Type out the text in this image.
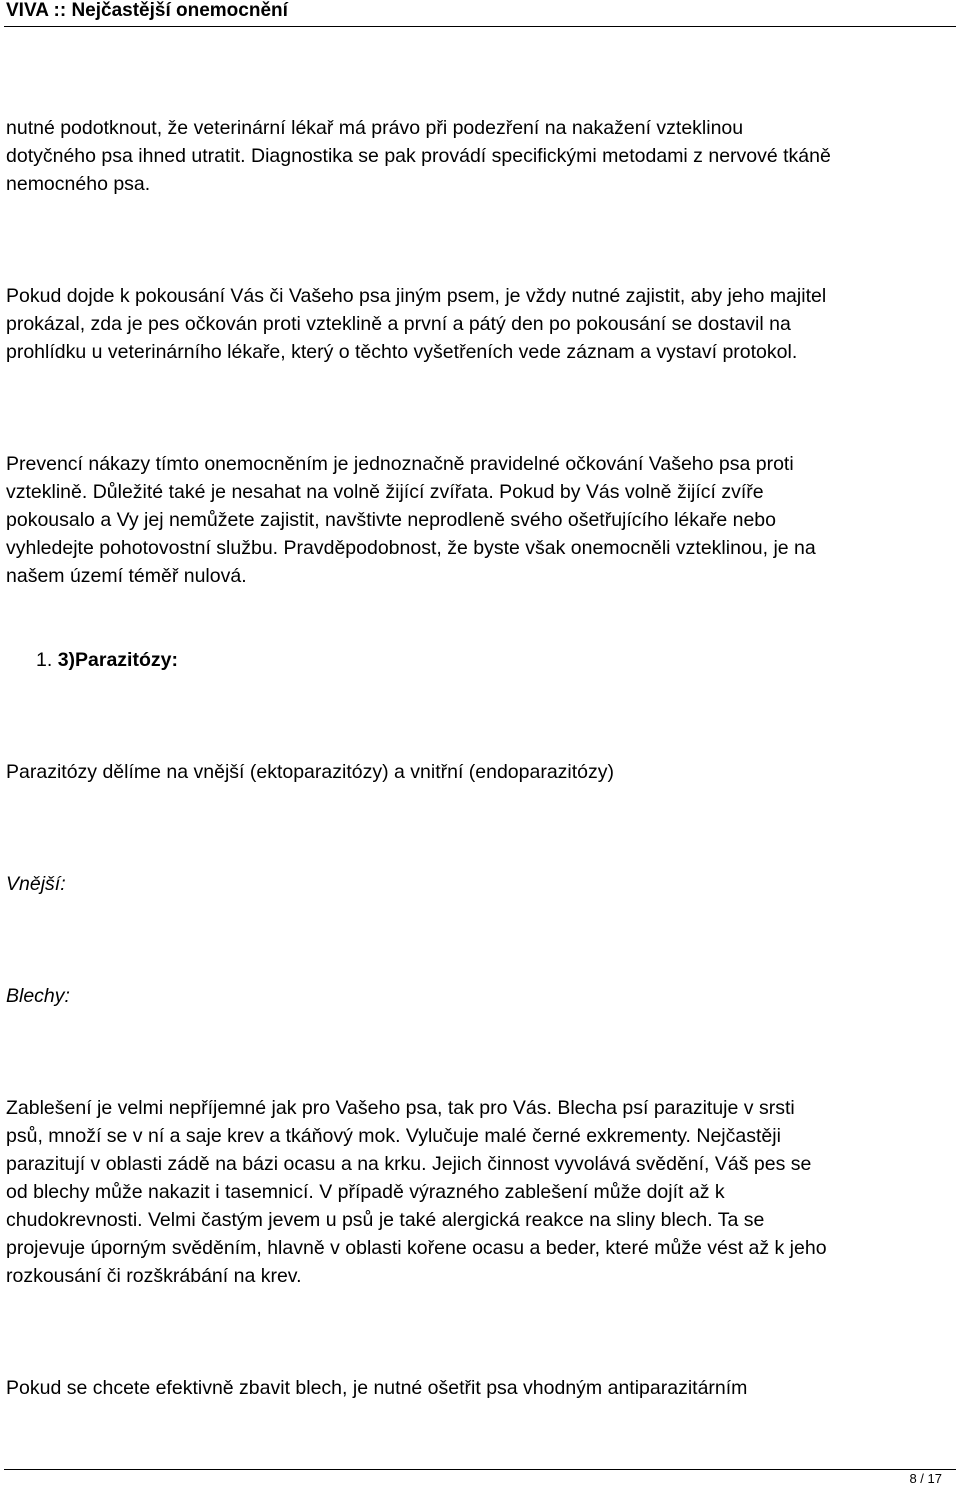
VIVA :: Nejčastější onemocnění
nutné podotknout, že veterinární lékař má právo při podezření na nakažení vzteklinou
dotyčného psa ihned utratit. Diagnostika se pak provádí specifickými metodami z nervové tkáně
nemocného psa.
Pokud dojde k pokousání Vás či Vašeho psa jiným psem, je vždy nutné zajistit, aby jeho majitel
prokázal, zda je pes očkován proti vzteklině a první a pátý den po pokousání se dostavil na
prohlídku u veterinárního lékaře, který o těchto vyšetřeních vede záznam a vystaví protokol.
Prevencí nákazy tímto onemocněním je jednoznačně pravidelné očkování Vašeho psa proti
vzteklině. Důležité také je nesahat na volně žijící zvířata. Pokud by Vás volně žijící zvíře
pokousalo a Vy jej nemůžete zajistit, navštivte neprodleně svého ošetřujícího lékaře nebo
vyhledejte pohotovostní službu. Pravděpodobnost, že byste však onemocněli vzteklinou, je na
našem území téměř nulová.
1. 3)Parazitózy:
Parazitózy dělíme na vnější (ektoparazitózy) a vnitřní (endoparazitózy)
Vnější:
Blechy:
Zablešení je velmi nepříjemné jak pro Vašeho psa, tak pro Vás. Blecha psí parazituje v srsti
psů, množí se v ní a saje krev a tkáňový mok. Vylučuje malé černé exkrementy. Nejčastěji
parazitují v oblasti zádě na bázi ocasu a na krku. Jejich činnost vyvolává svědění, Váš pes se
od blechy může nakazit i tasemnicí. V případě výrazného zablešení může dojít až k
chudokrevnosti. Velmi častým jevem u psů je také alergická reakce na sliny blech. Ta se
projevuje úporným svěděním, hlavně v oblasti kořene ocasu a beder, které může vést až k jeho
rozkousání či rozškrábání na krev.
Pokud se chcete efektivně zbavit blech, je nutné ošetřit psa vhodným antiparazitárním
8 / 17
